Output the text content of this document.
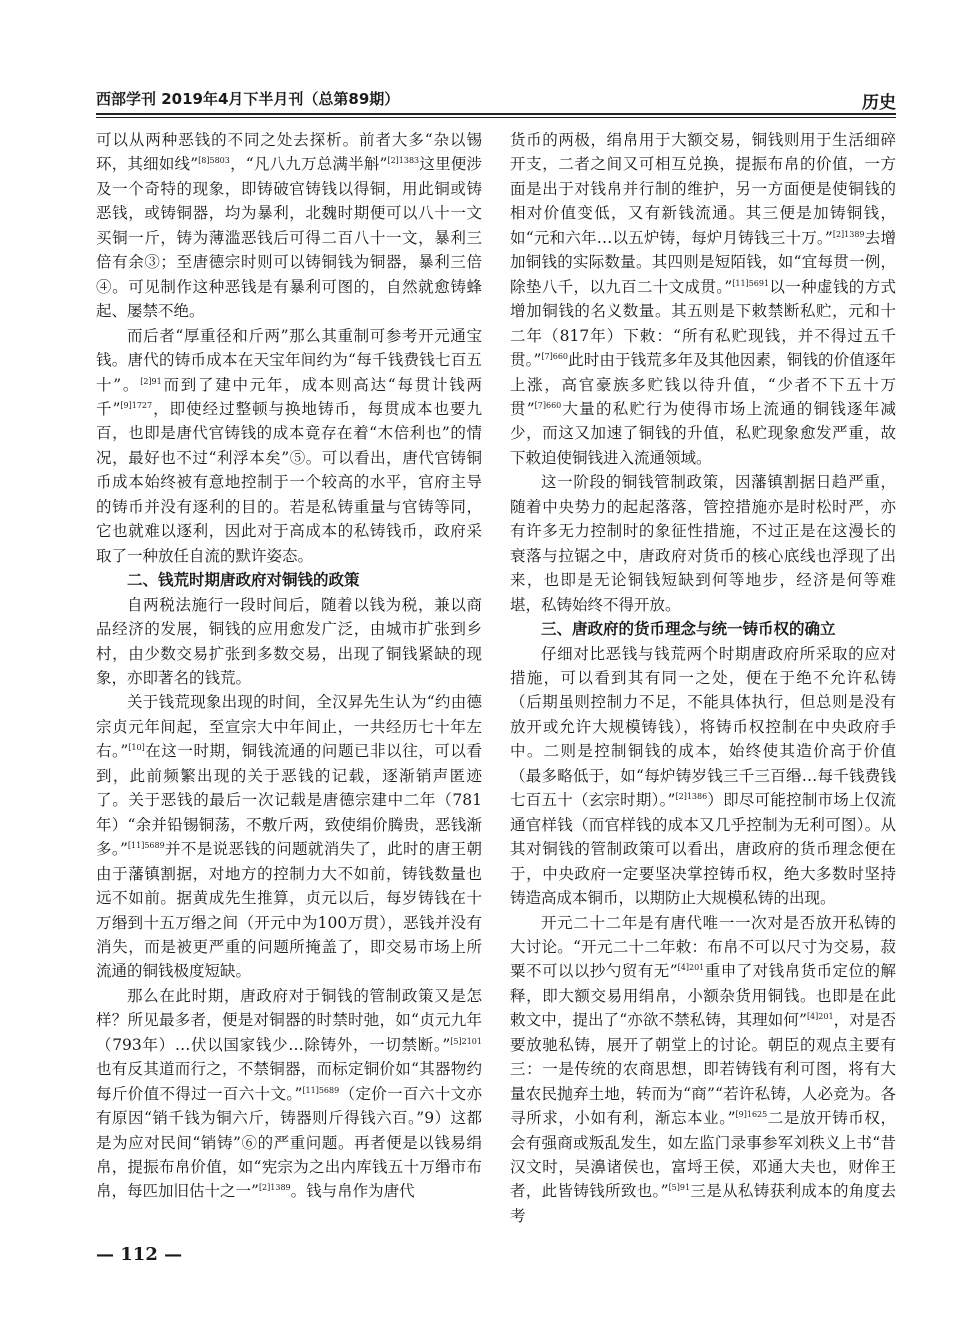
西部学刊 2019年4月下半月刊（总第89期）	历史

可以从两种恶钱的不同之处去探析。前者大多“杂以锡环，其细如线”$^{[8]5803}$，“凡八九万总满半斛”$^{[2]1383}$这里便涉及一个奇特的现象，即铸破官铸钱以得铜，用此铜或铸恶钱，或铸铜器，均为暴利，北魏时期便可以八十一文买铜一斤，铸为薄滥恶钱后可得二百八十一文，暴利三倍有余③；至唐德宗时则可以铸铜钱为铜器，暴利三倍④。可见制作这种恶钱是有暴利可图的，自然就愈铸蜂起、屡禁不绝。

而后者“厚重径和斤两”那么其重制可参考开元通宝钱。唐代的铸币成本在天宝年间约为“每千钱费钱七百五十”。$^{[2]91}$而到了建中元年，成本则高达“每贯计钱两千”$^{[9]1727}$，即使经过整顿与换地铸币，每贯成本也要九百，也即是唐代官铸钱的成本竟存在着“木倍利也”的情况，最好也不过“利浮本矣”⑤。可以看出，唐代官铸铜币成本始终被有意地控制于一个较高的水平，官府主导的铸币并没有逐利的目的。若是私铸重量与官铸等同，它也就难以逐利，因此对于高成本的私铸钱币，政府采取了一种放任自流的默许姿态。

二、钱荒时期唐政府对铜钱的政策

自两税法施行一段时间后，随着以钱为税，兼以商品经济的发展，铜钱的应用愈发广泛，由城市扩张到乡村，由少数交易扩张到多数交易，出现了铜钱紧缺的现象，亦即著名的钱荒。

关于钱荒现象出现的时间，全汉昇先生认为“约由德宗贞元年间起，至宣宗大中年间止，一共经历七十年左右。”[10]在这一时期，铜钱流通的问题已非以往，可以看到，此前频繁出现的关于恶钱的记载，逐渐销声匿迹了。关于恶钱的最后一次记载是唐德宗建中二年（781年）“余并铅锡铜荡，不敷斤两，致使绢价腾贵，恶钱渐多。”$^{[11]5689}$并不是说恶钱的问题就消失了，此时的唐王朝由于藩镇割据，对地方的控制力大不如前，铸钱数量也远不如前。据黄成先生推算，贞元以后，每岁铸钱在十万缗到十五万缗之间（开元中为100万贯），恶钱并没有消失，而是被更严重的问题所掩盖了，即交易市场上所流通的铜钱极度短缺。

那么在此时期，唐政府对于铜钱的管制政策又是怎样？所见最多者，便是对铜器的时禁时弛，如“贞元九年（793年）…伏以国家钱少…除铸外，一切禁断。”$^{[5]2101}$也有反其道而行之，不禁铜器，而标定铜价如“其器物约每斤价值不得过一百六十文。”$^{[11]5689}$（定价一百六十文亦有原因“销千钱为铜六斤，铸器则斤得钱六百。”9）这都是为应对民间“销铸”⑥的严重问题。再者便是以钱易绢帛，提振布帛价值，如“宪宗为之出内库钱五十万缗市布帛，每匹加旧估十之一”$^{[2]1389}$。钱与帛作为唐代

货币的两极，绢帛用于大额交易，铜钱则用于生活细碎开支，二者之间又可相互兑换，提振布帛的价值，一方面是出于对钱帛并行制的维护，另一方面便是使铜钱的相对价值变低，又有新钱流通。其三便是加铸铜钱，如“元和六年…以五炉铸，每炉月铸钱三十万。”$^{[2]1389}$去增加铜钱的实际数量。其四则是短陌钱，如“宜每贯一例，除垫八千，以九百二十文成贯。”$^{[11]5691}$以一种虚钱的方式增加铜钱的名义数量。其五则是下敕禁断私贮，元和十二年（817年）下敕：“所有私贮现钱，并不得过五千贯。”$^{[7]660}$此时由于钱荒多年及其他因素，铜钱的价值逐年上涨，高官豪族多贮钱以待升值，“少者不下五十万贯”$^{[7]660}$大量的私贮行为使得市场上流通的铜钱逐年减少，而这又加速了铜钱的升值，私贮现象愈发严重，故下敕迫使铜钱进入流通领域。

这一阶段的铜钱管制政策，因藩镇割据日趋严重，随着中央势力的起起落落，管控措施亦是时松时严，亦有许多无力控制时的象征性措施，不过正是在这漫长的衰落与拉锯之中，唐政府对货币的核心底线也浮现了出来，也即是无论铜钱短缺到何等地步，经济是何等难堪，私铸始终不得开放。

三、唐政府的货币理念与统一铸币权的确立

仔细对比恶钱与钱荒两个时期唐政府所采取的应对措施，可以看到其有同一之处，便在于绝不允许私铸（后期虽则控制力不足，不能具体执行，但总则是没有放开或允许大规模铸钱），将铸币权控制在中央政府手中。二则是控制铜钱的成本，始终使其造价高于价值（最多略低于，如“每炉铸岁钱三千三百缗…每千钱费钱七百五十（玄宗时期）。”$^{[2]1386}$）即尽可能控制市场上仅流通官样钱（而官样钱的成本又几乎控制为无利可图）。从其对铜钱的管制政策可以看出，唐政府的货币理念便在于，中央政府一定要坚决掌控铸币权，绝大多数时坚持铸造高成本铜币，以期防止大规模私铸的出现。

开元二十二年是有唐代唯一一次对是否放开私铸的大讨论。“开元二十二年敕：布帛不可以尺寸为交易，菽粟不可以以抄勺贸有无”$^{[4]201}$重申了对钱帛货币定位的解释，即大额交易用绢帛，小额杂货用铜钱。也即是在此敕文中，提出了“亦欲不禁私铸，其理如何”$^{[4]201}$，对是否要放驰私铸，展开了朝堂上的讨论。朝臣的观点主要有三：一是传统的农商思想，即若铸钱有利可图，将有大量农民抛弃土地，转而为“商”“若许私铸，人必竞为。各寻所求，小如有利，渐忘本业。”$^{[9]1625}$二是放开铸币权，会有强商或叛乱发生，如左监门录事参军刘秩义上书“昔汉文时，吴濞诸侯也，富埒王侯，邓通大夫也，财侔王者，此皆铸钱所致也。”$^{[5]91}$三是从私铸获利成本的角度去考

— 112 —
